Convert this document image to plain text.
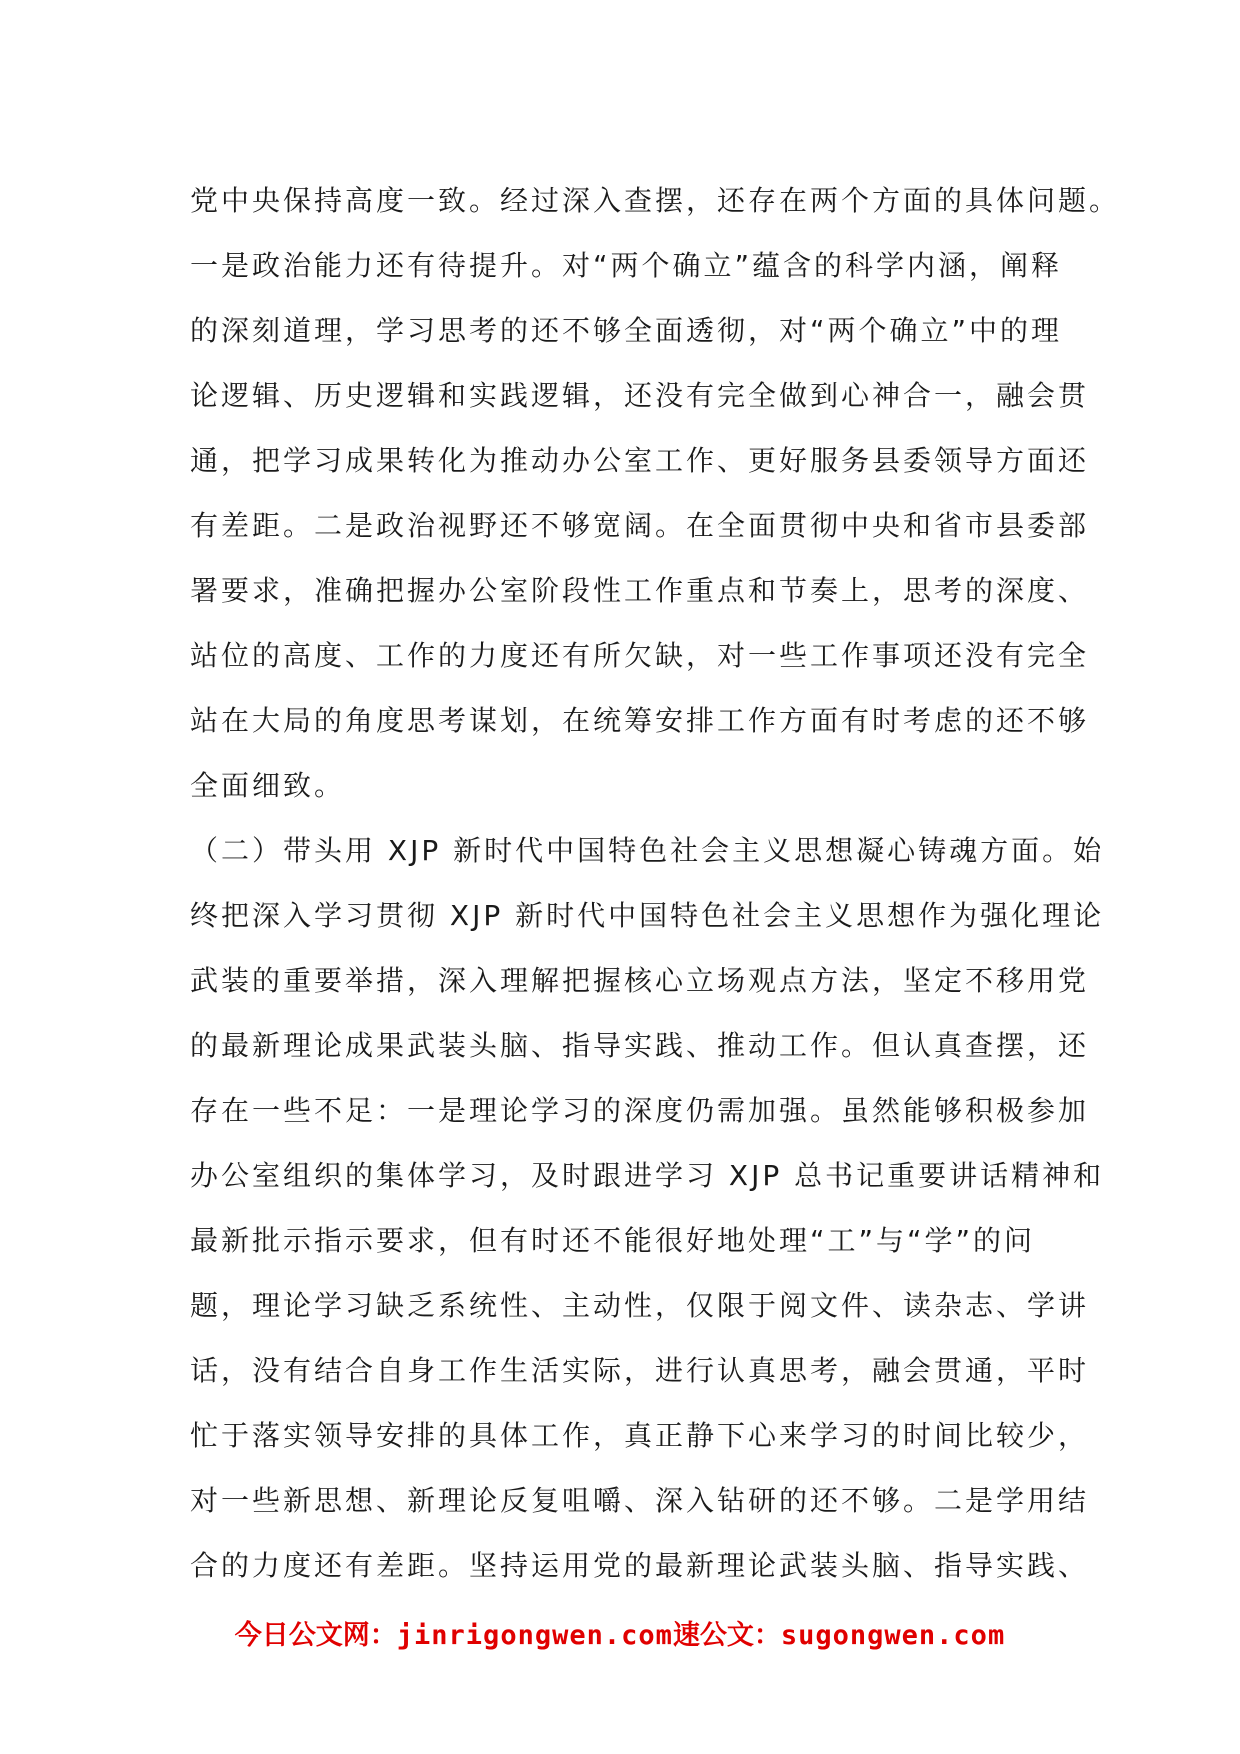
党中央保持高度一致。经过深入查摆，还存在两个方面的具体问题。
一是政治能力还有待提升。对“两个确立”蕴含的科学内涵，阐释
的深刻道理，学习思考的还不够全面透彻，对“两个确立”中的理
论逻辑、历史逻辑和实践逻辑，还没有完全做到心神合一，融会贯
通，把学习成果转化为推动办公室工作、更好服务县委领导方面还
有差距。二是政治视野还不够宽阔。在全面贯彻中央和省市县委部
署要求，准确把握办公室阶段性工作重点和节奏上，思考的深度、
站位的高度、工作的力度还有所欠缺，对一些工作事项还没有完全
站在大局的角度思考谋划，在统筹安排工作方面有时考虑的还不够
全面细致。
（二）带头用 XJP 新时代中国特色社会主义思想凝心铸魂方面。始
终把深入学习贯彻 XJP 新时代中国特色社会主义思想作为强化理论
武装的重要举措，深入理解把握核心立场观点方法，坚定不移用党
的最新理论成果武装头脑、指导实践、推动工作。但认真查摆，还
存在一些不足：一是理论学习的深度仍需加强。虽然能够积极参加
办公室组织的集体学习，及时跟进学习 XJP 总书记重要讲话精神和
最新批示指示要求，但有时还不能很好地处理“工”与“学”的问
题，理论学习缺乏系统性、主动性，仅限于阅文件、读杂志、学讲
话，没有结合自身工作生活实际，进行认真思考，融会贯通，平时
忙于落实领导安排的具体工作，真正静下心来学习的时间比较少，
对一些新思想、新理论反复咀嚼、深入钻研的还不够。二是学用结
合的力度还有差距。坚持运用党的最新理论武装头脑、指导实践、
今日公文网：jinrigongwen.com速公文：sugongwen.com
